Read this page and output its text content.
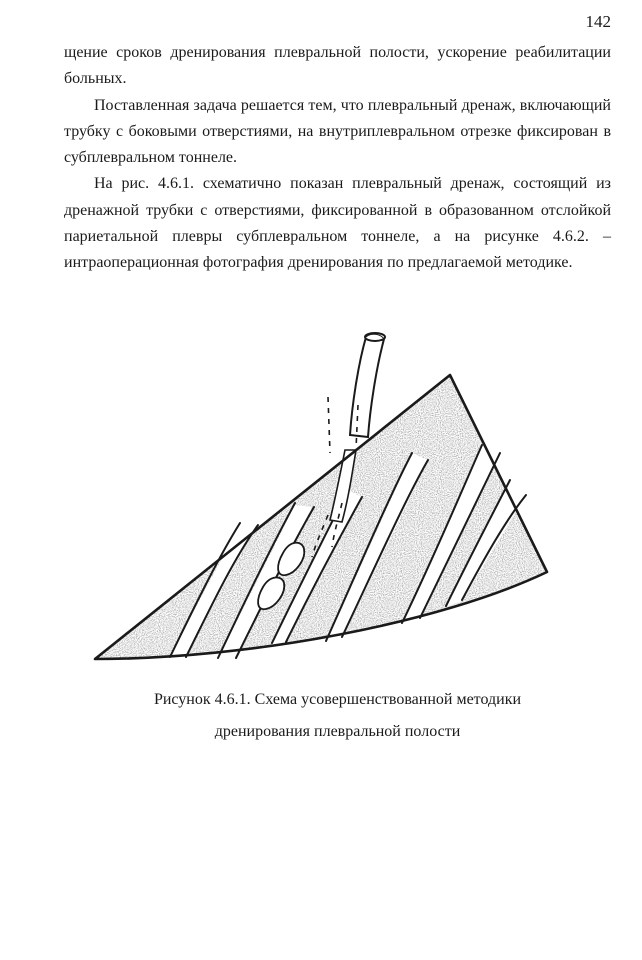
142

щение сроков дренирования плевральной полости, ускорение реабилитации больных.

Поставленная задача решается тем, что плевральный дренаж, включающий трубку с боковыми отверстиями, на внутриплевральном отрезке фиксирован в субплевральном тоннеле.

На рис. 4.6.1. схематично показан плевральный дренаж, состоящий из дренажной трубки с отверстиями, фиксированной в образованном отслойкой париетальной плевры субплевральном тоннеле, а на рисунке 4.6.2. – интраоперационная фотография дренирования по предлагаемой методике.

Рисунок 4.6.1. Схема усовершенствованной методики
дренирования плевральной полости
